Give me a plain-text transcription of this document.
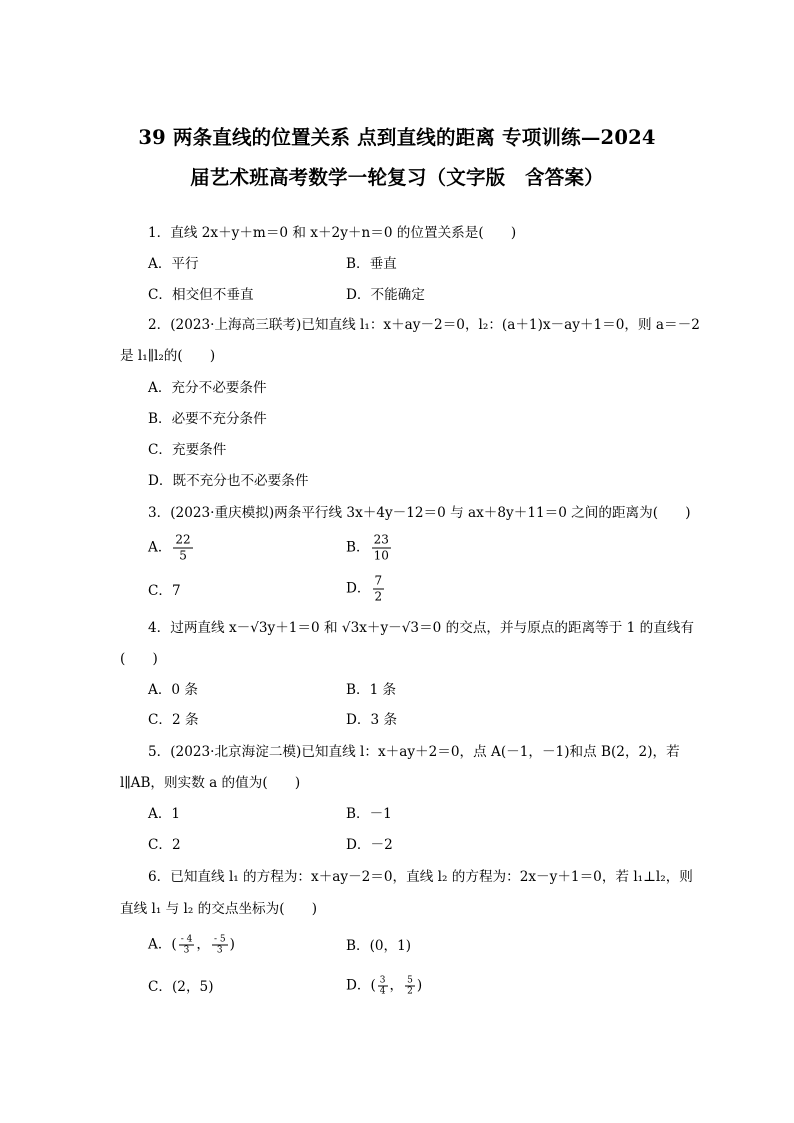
39 两条直线的位置关系 点到直线的距离 专项训练—2024
届艺术班高考数学一轮复习（文字版　含答案）
1．直线 2x＋y＋m＝0 和 x＋2y＋n＝0 的位置关系是(　　)
A．平行	B．垂直
C．相交但不垂直	D．不能确定
2．(2023·上海高三联考)已知直线 l₁：x＋ay－2＝0，l₂：(a＋1)x－ay＋1＝0，则 a＝－2
是 l₁∥l₂的(　　)
A．充分不必要条件
B．必要不充分条件
C．充要条件
D．既不充分也不必要条件
3．(2023·重庆模拟)两条平行线 3x＋4y－12＝0 与 ax＋8y＋11＝0 之间的距离为(　　)
A． $\frac{22}{5}$	B． $\frac{23}{10}$
C．7	D． $\frac{7}{2}$
4．过两直线 x－√3y＋1＝0 和 √3x＋y－√3＝0 的交点，并与原点的距离等于 1 的直线有
(　　)
A．0 条	B．1 条
C．2 条	D．3 条
5．(2023·北京海淀二模)已知直线 l：x＋ay＋2＝0，点 A(－1，－1)和点 B(2，2)，若
l∥AB，则实数 a 的值为(　　)
A．1	B．－1
C．2	D．－2
6．已知直线 l₁ 的方程为：x＋ay－2＝0，直线 l₂ 的方程为：2x－y＋1＝0，若 l₁⊥l₂，则
直线 l₁ 与 l₂ 的交点坐标为(　　)
A．( $\frac{- 4}{3}$ ， $\frac{- 5}{3}$ )	B．(0，1)
C．(2，5)	D．( $\frac{3}{4}$ ， $\frac{5}{2}$ )
